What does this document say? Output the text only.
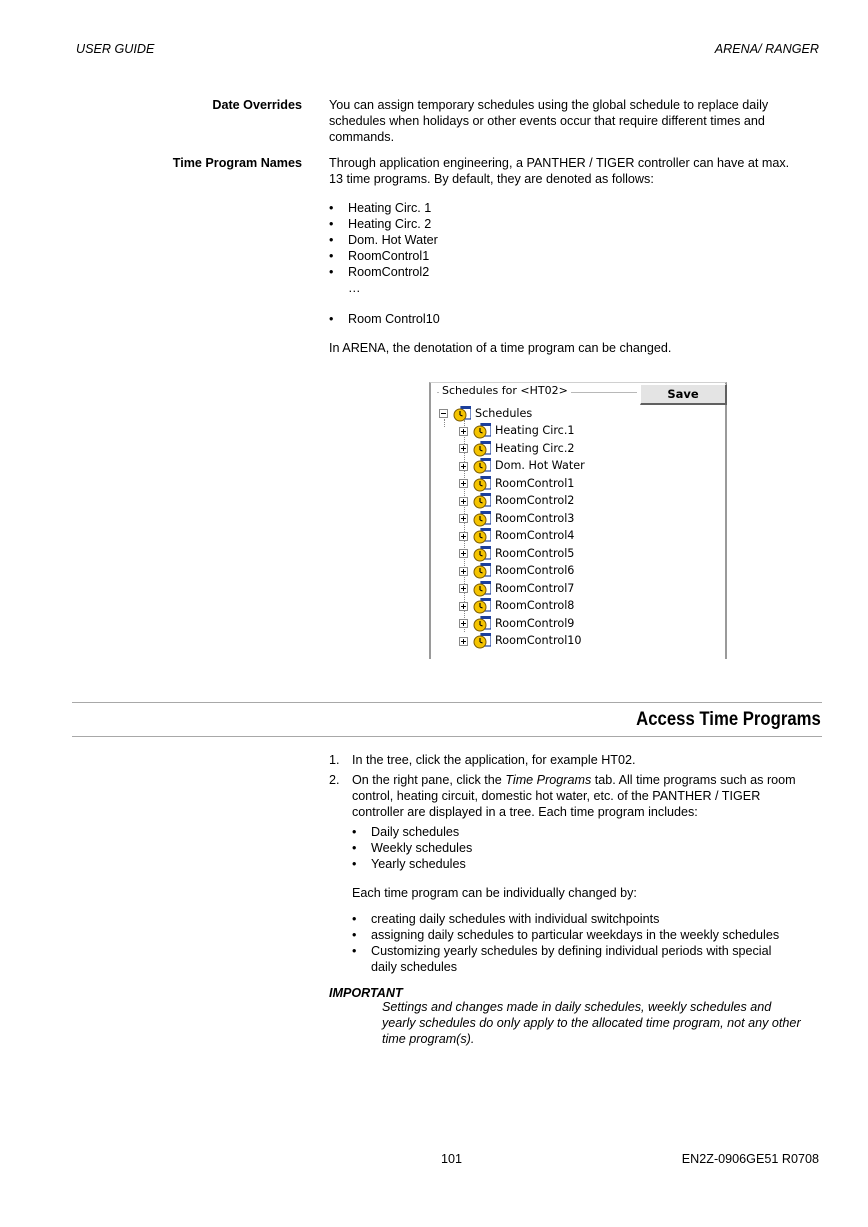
USER GUIDE	ARENA/ RANGER
Date Overrides You can assign temporary schedules using the global schedule to replace daily
schedules when holidays or other events occur that require different times and
commands.
Time Program Names Through application engineering, a PANTHER / TIGER controller can have at max.
13 time programs. By default, they are denoted as follows:
• Heating Circ. 1
• Heating Circ. 2
• Dom. Hot Water
• RoomControl1
• RoomControl2
…
• Room Control10
In ARENA, the denotation of a time program can be changed.
Schedules for <HT02>	Save
Schedules
Heating Circ.1
Heating Circ.2
Dom. Hot Water
RoomControl1
RoomControl2
RoomControl3
RoomControl4
RoomControl5
RoomControl6
RoomControl7
RoomControl8
RoomControl9
RoomControl10
Access Time Programs
1. In the tree, click the application, for example HT02.
2. On the right pane, click the Time Programs tab. All time programs such as room
control, heating circuit, domestic hot water, etc. of the PANTHER / TIGER
controller are displayed in a tree. Each time program includes:
• Daily schedules
• Weekly schedules
• Yearly schedules
Each time program can be individually changed by:
• creating daily schedules with individual switchpoints
• assigning daily schedules to particular weekdays in the weekly schedules
• Customizing yearly schedules by defining individual periods with special
daily schedules
IMPORTANT
Settings and changes made in daily schedules, weekly schedules and
yearly schedules do only apply to the allocated time program, not any other
time program(s).
101	EN2Z-0906GE51 R0708
